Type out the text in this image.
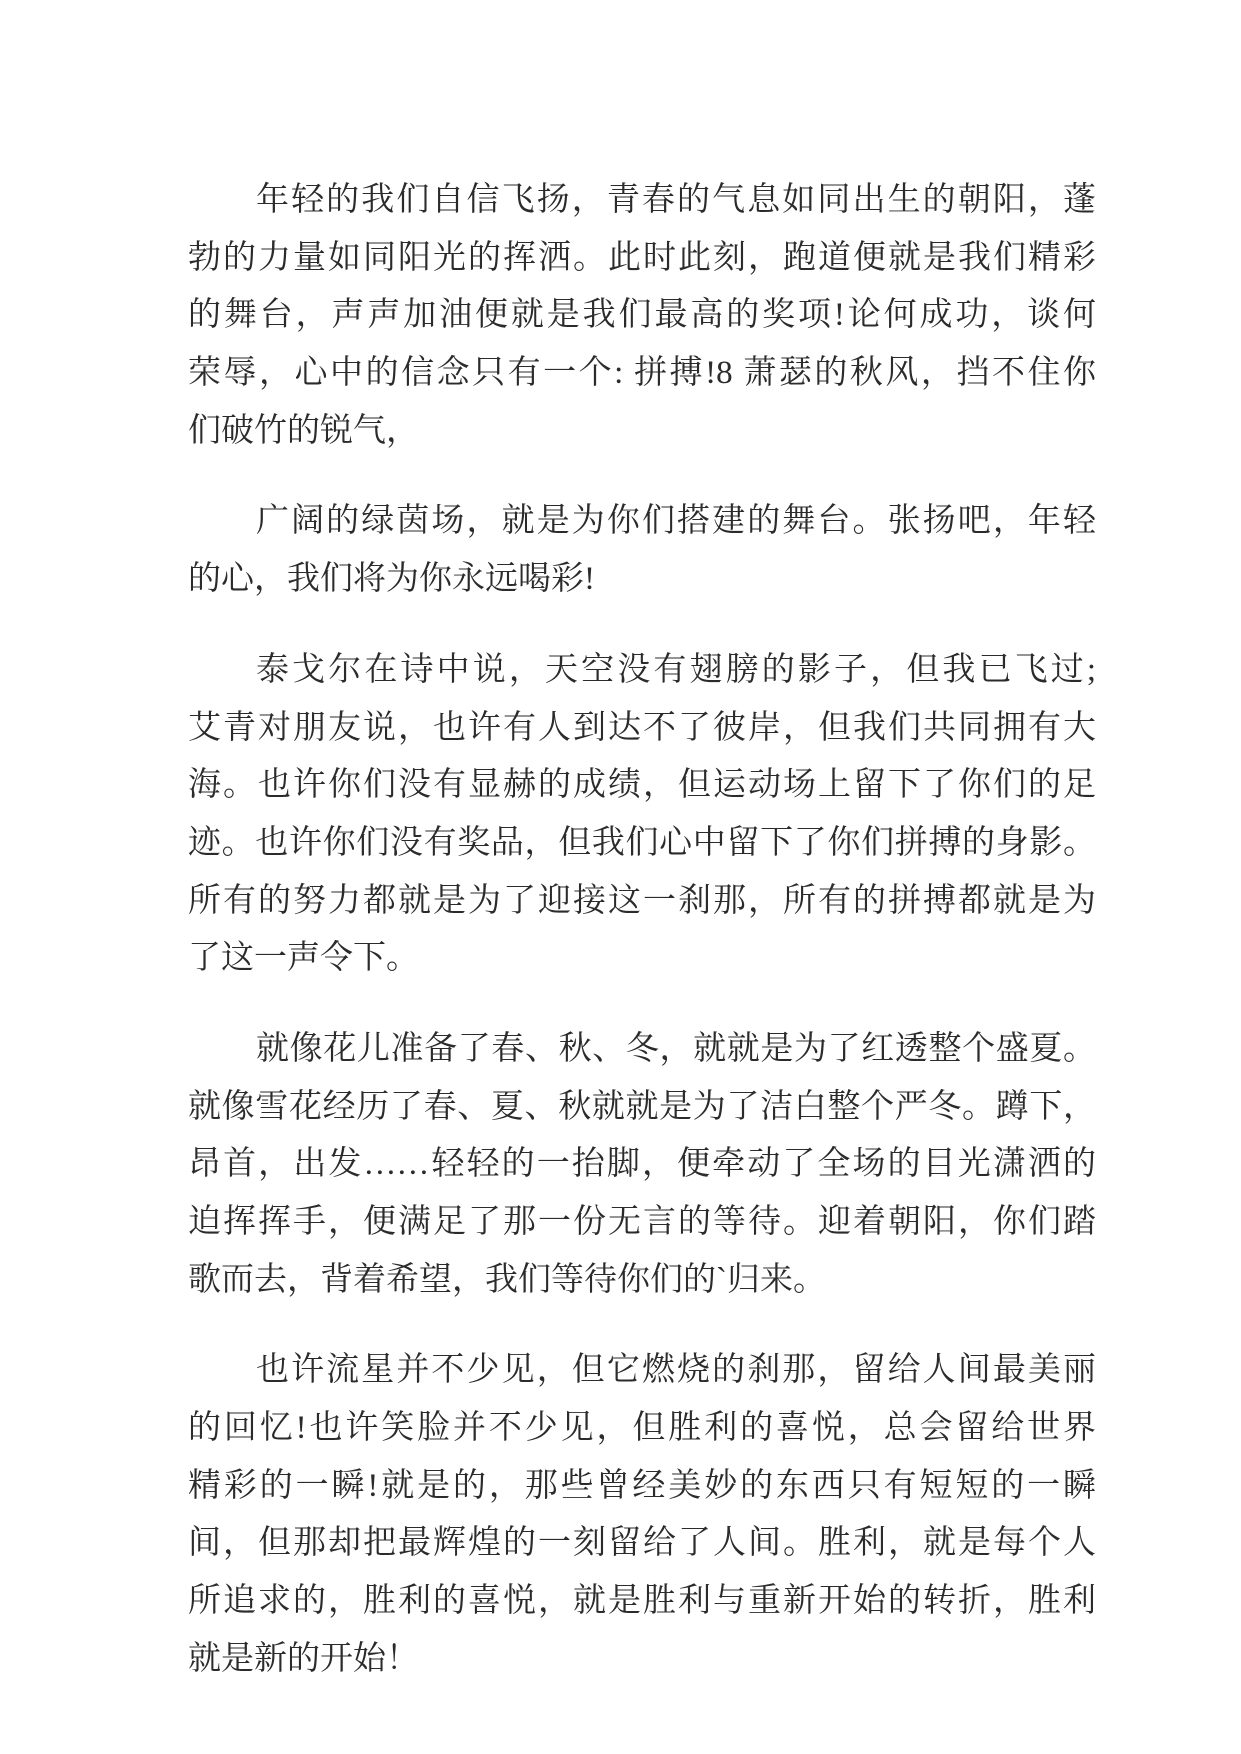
年轻的我们自信飞扬，青春的气息如同出生的朝阳，蓬
勃的力量如同阳光的挥洒。此时此刻，跑道便就是我们精彩
的舞台，声声加油便就是我们最高的奖项!论何成功，谈何
荣辱，心中的信念只有一个: 拼搏!8 萧瑟的秋风，挡不住你
们破竹的锐气，

广阔的绿茵场，就是为你们搭建的舞台。张扬吧，年轻
的心，我们将为你永远喝彩!

泰戈尔在诗中说，天空没有翅膀的影子，但我已飞过;
艾青对朋友说，也许有人到达不了彼岸，但我们共同拥有大
海。也许你们没有显赫的成绩，但运动场上留下了你们的足
迹。也许你们没有奖品，但我们心中留下了你们拼搏的身影。
所有的努力都就是为了迎接这一刹那，所有的拼搏都就是为
了这一声令下。

就像花儿准备了春、秋、冬，就就是为了红透整个盛夏。
就像雪花经历了春、夏、秋就就是为了洁白整个严冬。蹲下，
昂首，出发……轻轻的一抬脚，便牵动了全场的目光潇洒的
迫挥挥手，便满足了那一份无言的等待。迎着朝阳，你们踏
歌而去，背着希望，我们等待你们的`归来。

也许流星并不少见，但它燃烧的刹那，留给人间最美丽
的回忆!也许笑脸并不少见，但胜利的喜悦，总会留给世界
精彩的一瞬!就是的，那些曾经美妙的东西只有短短的一瞬
间，但那却把最辉煌的一刻留给了人间。胜利，就是每个人
所追求的，胜利的喜悦，就是胜利与重新开始的转折，胜利
就是新的开始！
